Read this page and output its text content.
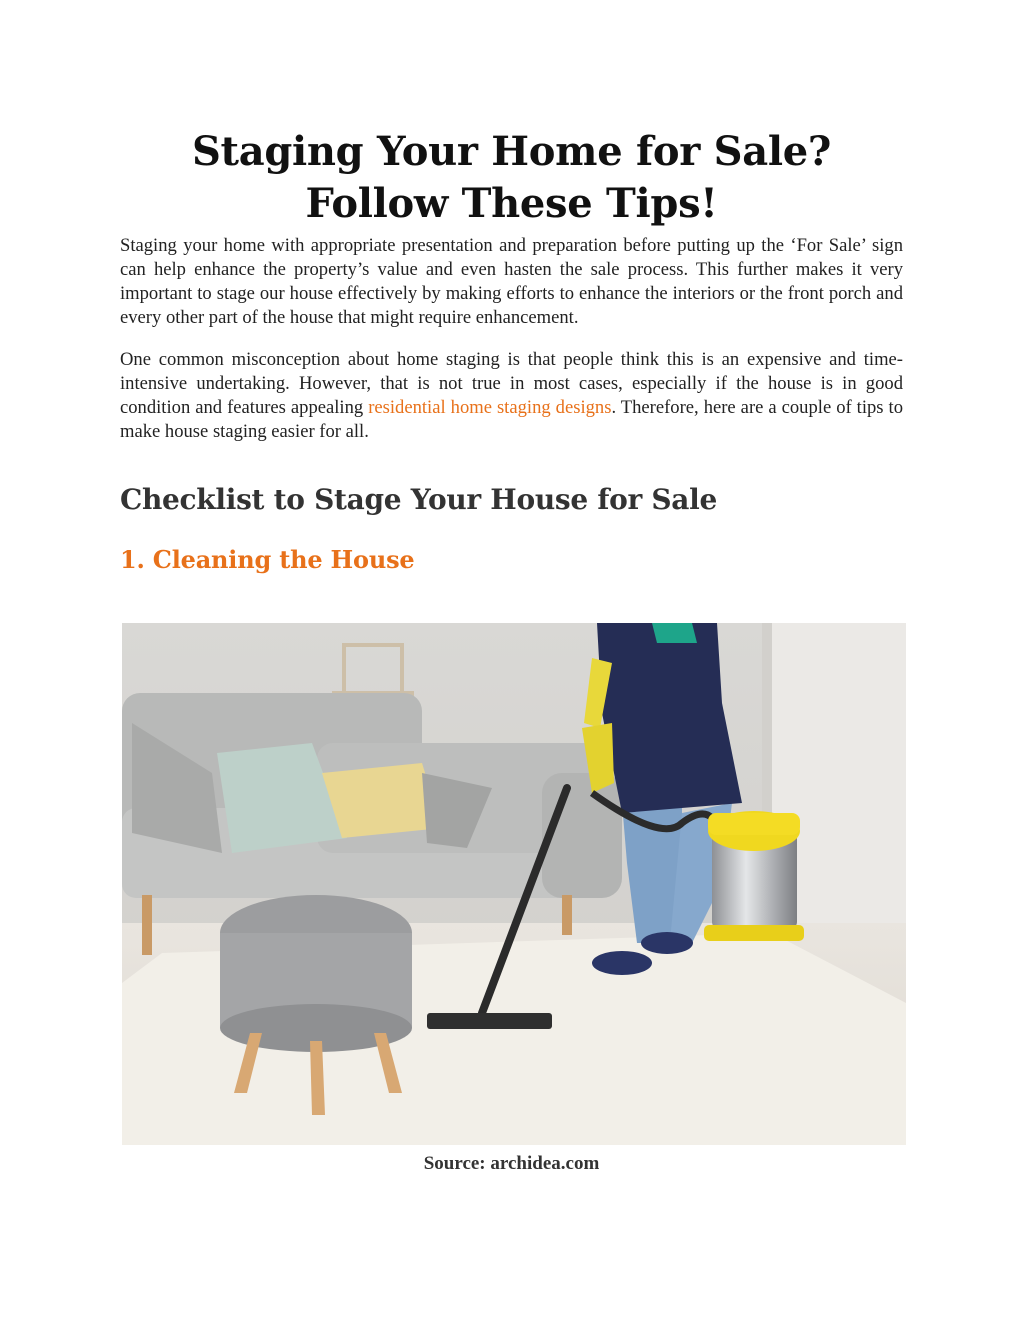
Staging Your Home for Sale?
Follow These Tips!

Staging your home with appropriate presentation and preparation before putting up the ‘For Sale’ sign can help enhance the property’s value and even hasten the sale process. This further makes it very important to stage our house effectively by making efforts to enhance the interiors or the front porch and every other part of the house that might require enhancement.

One common misconception about home staging is that people think this is an expensive and time-intensive undertaking. However, that is not true in most cases, especially if the house is in good condition and features appealing residential home staging designs. Therefore, here are a couple of tips to make house staging easier for all.

Checklist to Stage Your House for Sale
1. Cleaning the House
Source: archidea.com
